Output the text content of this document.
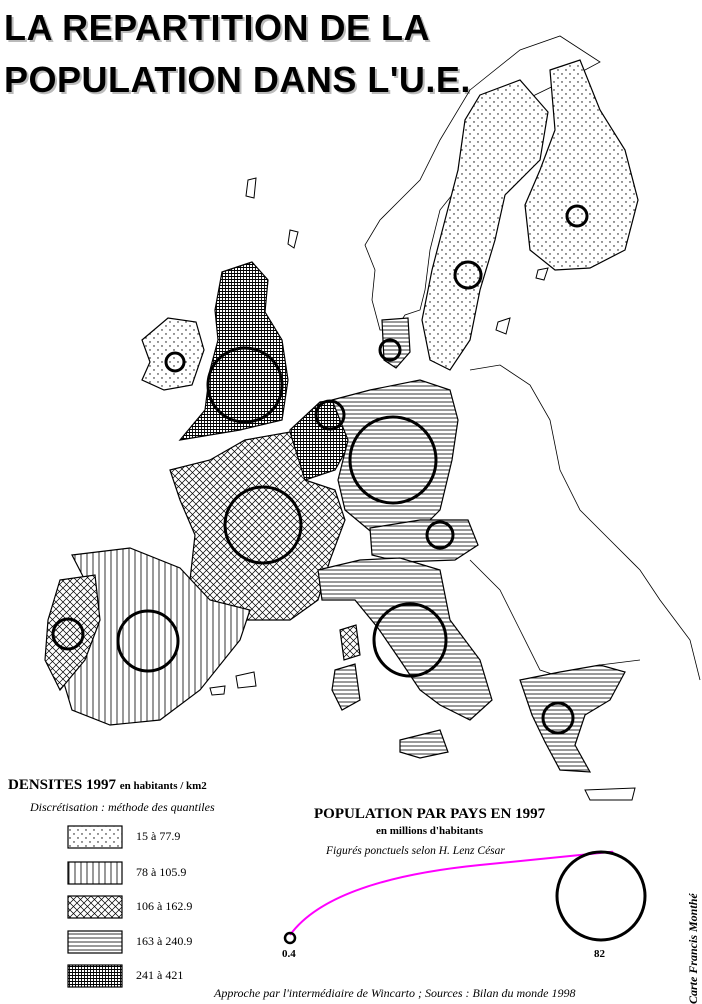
LA REPARTITION DE LA
POPULATION DANS L'U.E.
DENSITES 1997 en habitants / km2
Discrétisation : méthode des quantiles
15 à 77.9
78 à 105.9
106 à 162.9
163 à 240.9
241 à 421
POPULATION PAR PAYS EN 1997
en millions d'habitants
Figurés ponctuels selon H. Lenz César
0.4	82	Carte Francis Monthé
Approche par l'intermédiaire de Wincarto ; Sources : Bilan du monde 1998
